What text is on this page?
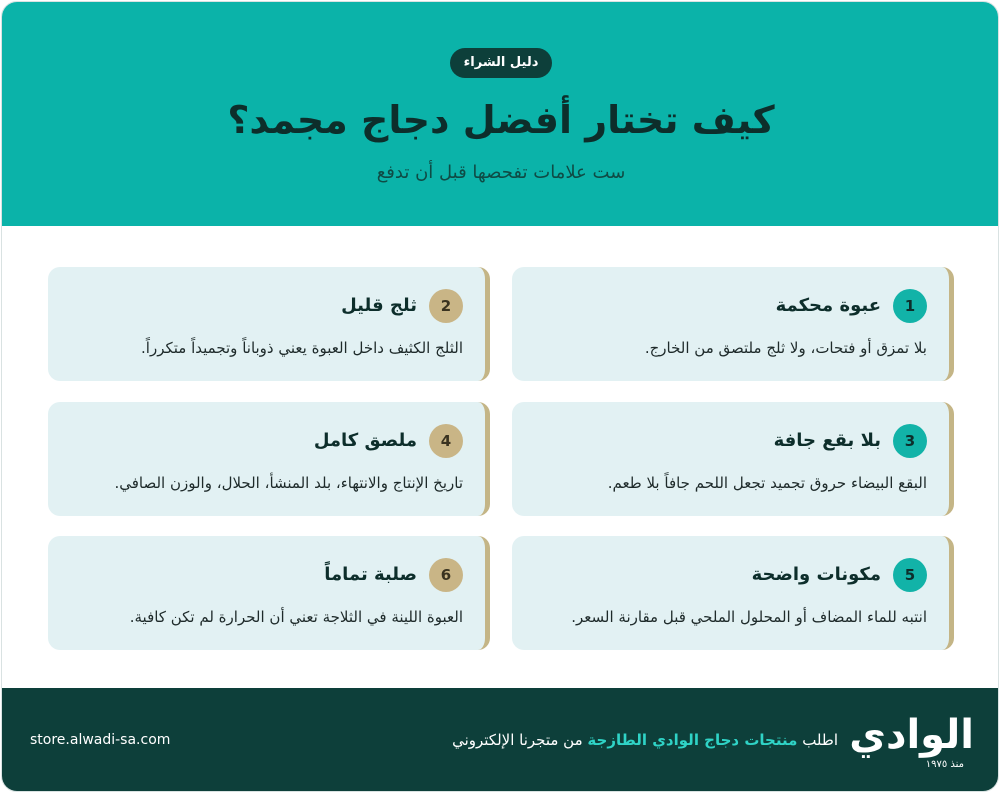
دليل الشراء
كيف تختار أفضل دجاج مجمد؟
ست علامات تفحصها قبل أن تدفع
1
عبوة محكمة
بلا تمزق أو فتحات، ولا ثلج ملتصق من الخارج.
2
ثلج قليل
الثلج الكثيف داخل العبوة يعني ذوباناً وتجميداً متكرراً.
3
بلا بقع جافة
البقع البيضاء حروق تجميد تجعل اللحم جافاً بلا طعم.
4
ملصق كامل
تاريخ الإنتاج والانتهاء، بلد المنشأ، الحلال، والوزن الصافي.
5
مكونات واضحة
انتبه للماء المضاف أو المحلول الملحي قبل مقارنة السعر.
6
صلبة تماماً
العبوة اللينة في الثلاجة تعني أن الحرارة لم تكن كافية.
الوادي
منذ ١٩٧٥
اطلب منتجات دجاج الوادي الطازجة من متجرنا الإلكتروني
store.alwadi-sa.com
